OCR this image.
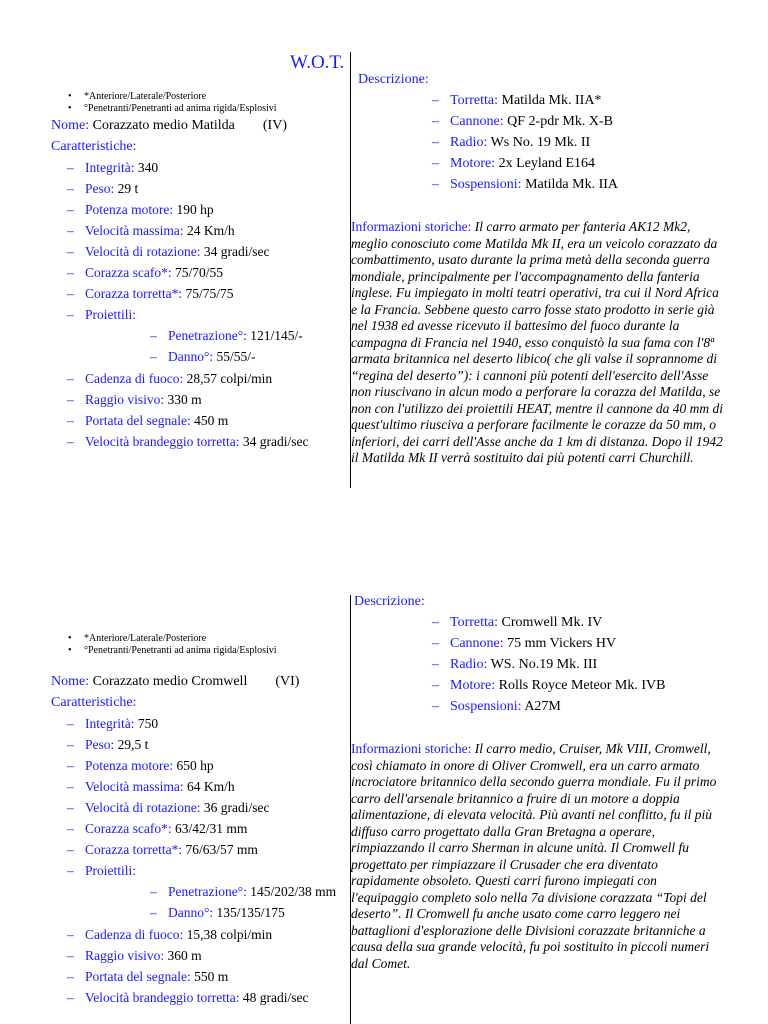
W.O.T.
• *Anteriore/Laterale/Posteriore
• °Penetranti/Penetranti ad anima rigida/Esplosivi
Nome: Corazzato medio Matilda        (IV)
Caratteristiche:
– Integrità: 340
– Peso: 29 t
– Potenza motore: 190 hp
– Velocità massima: 24 Km/h
– Velocità di rotazione: 34 gradi/sec
– Corazza scafo*: 75/70/55
– Corazza torretta*: 75/75/75
– Proiettili:
– Penetrazione°: 121/145/-
– Danno°: 55/55/-
– Cadenza di fuoco: 28,57 colpi/min
– Raggio visivo: 330 m
– Portata del segnale: 450 m
– Velocità brandeggio torretta: 34 gradi/sec
Descrizione:
– Torretta: Matilda Mk. IIA*
– Cannone: QF 2-pdr Mk. X-B
– Radio: Ws No. 19 Mk. II
– Motore: 2x Leyland E164
– Sospensioni: Matilda Mk. IIA
Informazioni storiche: Il carro armato per fanteria AK12 Mk2, meglio conosciuto come Matilda Mk II, era un veicolo corazzato da combattimento, usato durante la prima metà della seconda guerra mondiale, principalmente per l'accompagnamento della fanteria inglese. Fu impiegato in molti teatri operativi, tra cui il Nord Africa e la Francia. Sebbene questo carro fosse stato prodotto in serie già nel 1938 ed avesse ricevuto il battesimo del fuoco durante la campagna di Francia nel 1940, esso conquistò la sua fama con l'8ª armata britannica nel deserto libico( che gli valse il soprannome di “regina del deserto”): i cannoni più potenti dell'esercito dell'Asse non riuscivano in alcun modo a perforare la corazza del Matilda, se non con l'utilizzo dei proiettili HEAT, mentre il cannone da 40 mm di quest'ultimo riusciva a perforare facilmente le corazze da 50 mm, o inferiori, dei carri dell'Asse anche da 1 km di distanza. Dopo il 1942 il Matilda Mk II verrà sostituito dai più potenti carri Churchill.
• *Anteriore/Laterale/Posteriore
• °Penetranti/Penetranti ad anima rigida/Esplosivi
Nome: Corazzato medio Cromwell        (VI)
Caratteristiche:
– Integrità: 750
– Peso: 29,5 t
– Potenza motore: 650 hp
– Velocità massima: 64 Km/h
– Velocità di rotazione: 36 gradi/sec
– Corazza scafo*: 63/42/31 mm
– Corazza torretta*: 76/63/57 mm
– Proiettili:
– Penetrazione°: 145/202/38 mm
– Danno°: 135/135/175
– Cadenza di fuoco: 15,38 colpi/min
– Raggio visivo: 360 m
– Portata del segnale: 550 m
– Velocità brandeggio torretta: 48 gradi/sec
Descrizione:
– Torretta: Cromwell Mk. IV
– Cannone: 75 mm Vickers HV
– Radio: WS. No.19 Mk. III
– Motore: Rolls Royce Meteor Mk. IVB
– Sospensioni: A27M
Informazioni storiche: Il carro medio, Cruiser, Mk VIII, Cromwell, così chiamato in onore di Oliver Cromwell, era un carro armato incrociatore britannico della secondo guerra mondiale. Fu il primo carro dell'arsenale britannico a fruire di un motore a doppia alimentazione, di elevata velocità. Più avanti nel conflitto, fu il più diffuso carro progettato dalla Gran Bretagna a operare, rimpiazzando il carro Sherman in alcune unità. Il Cromwell fu progettato per rimpiazzare il Crusader che era diventato rapidamente obsoleto. Questi carri furono impiegati con l'equipaggio completo solo nella 7a divisione corazzata “Topi del deserto”. Il Cromwell fu anche usato come carro leggero nei battaglioni d'esplorazione delle Divisioni corazzate britanniche a causa della sua grande velocità, fu poi sostituito in piccoli numeri dal Comet.
